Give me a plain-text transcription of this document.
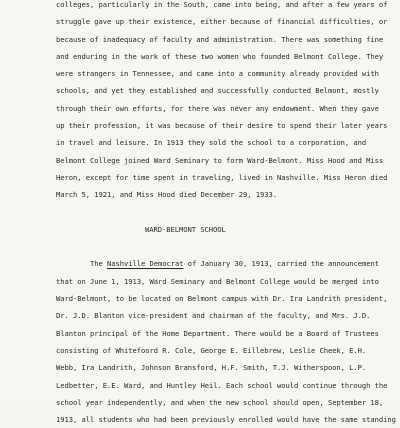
colleges, particularly in the South, came into being, and after a few years of
struggle gave up their existence, either because of financial difficulties, or
because of inadequacy of faculty and administration. There was something fine
and enduring in the work of these two women who founded Belmont College. They
were strangers in Tennessee, and came into a community already provided with
schools, and yet they established and successfully conducted Belmont, mostly
through their own efforts, for there was never any endowment. When they gave
up their profession, it was because of their desire to spend their later years
in travel and leisure. In 1913 they sold the school to a corporation, and
Belmont College joined Ward Seminary to form Ward-Belmont. Miss Hood and Miss
Heron, except for time spent in traveling, lived in Nashville. Miss Heron died
March 5, 1921, and Miss Hood died December 29, 1933.
WARD-BELMONT SCHOOL
The Nashville Democrat of January 30, 1913, carried the announcement
that on June 1, 1913, Ward Seminary and Belmont College would be merged into
Ward-Belmont, to be located on Belmont campus with Dr. Ira Landrith president,
Dr. J.D. Blanton vice-president and chairman of the faculty, and Mrs. J.D.
Blanton principal of the Home Department. There would be a Board of Trustees
consisting of Whitefoord R. Cole, George E. Eillebrew, Leslie Cheek, E.H.
Webb, Ira Landrith, Johnson Bransford, H.F. Smith, T.J. Witherspoon, L.P.
Ledbetter, E.E. Ward, and Huntley Heil. Each school would continue through the
school year independently, and when the new school should open, September 18,
1913, all students who had been previously enrolled would have the same standing
